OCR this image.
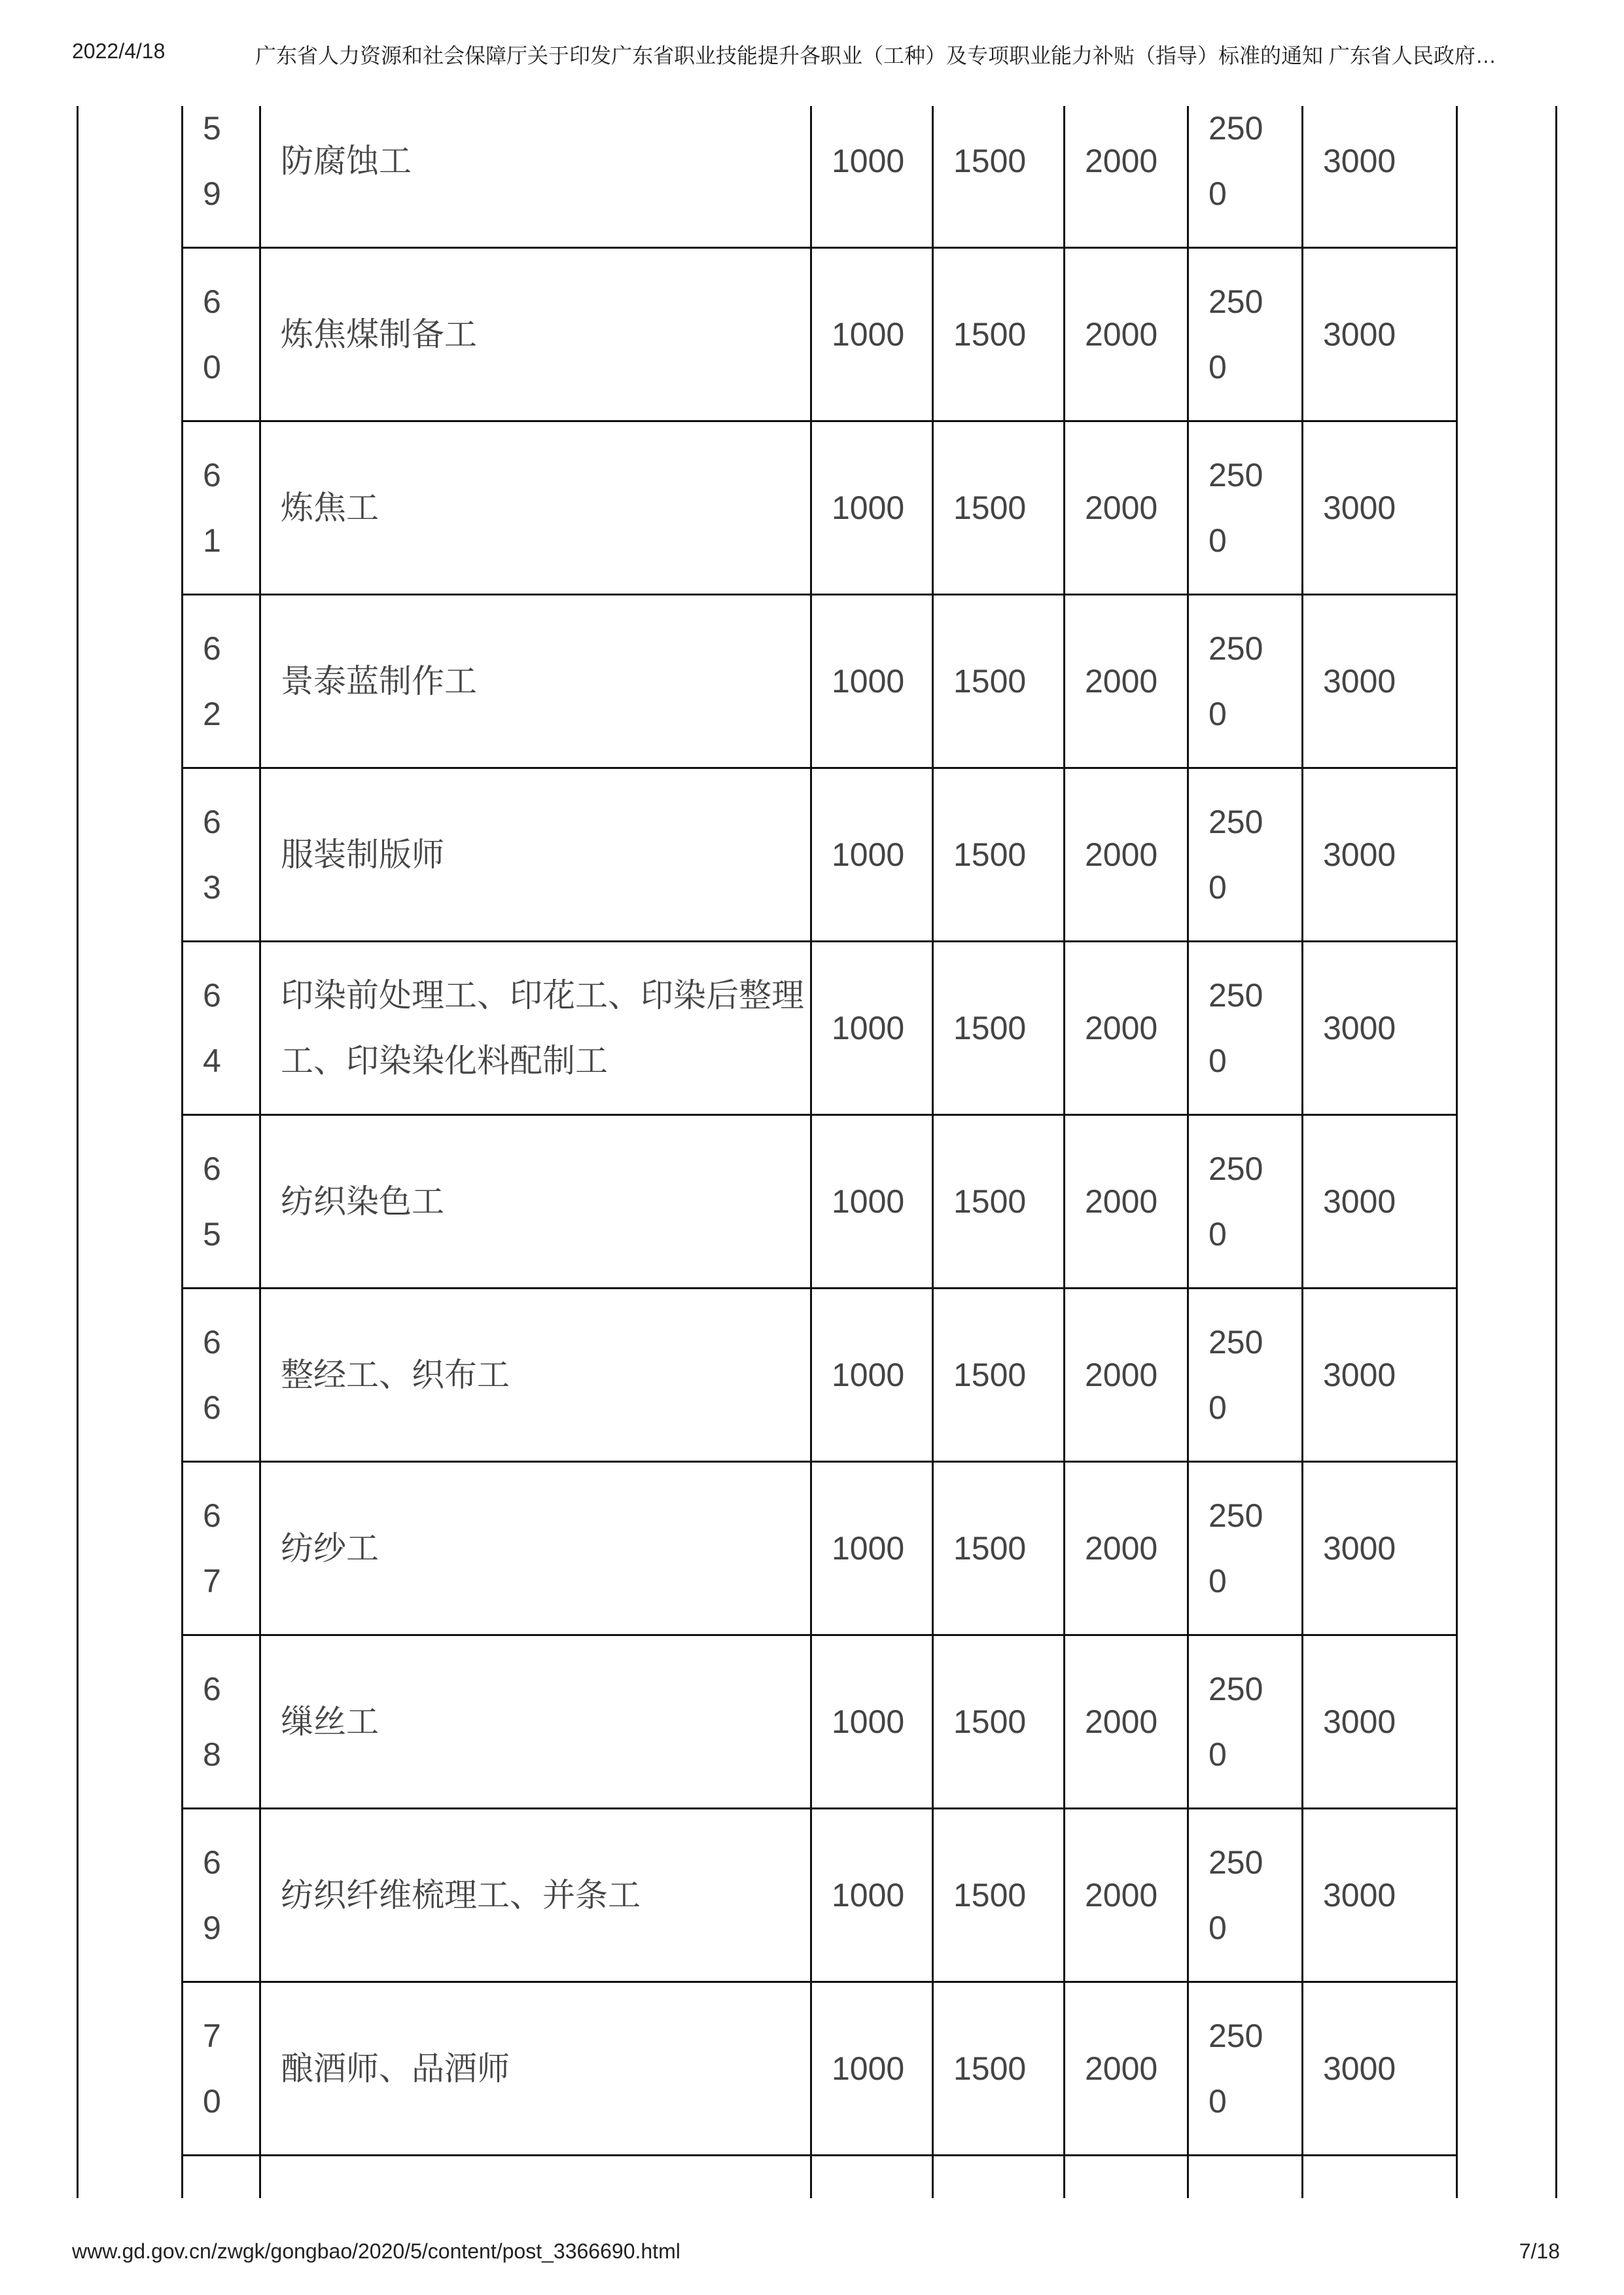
2022/4/18	广东省人力资源和社会保障厅关于印发广东省职业技能提升各职业（工种）及专项职业能力补贴（指导）标准的通知 广东省人民政府…
59	防腐蚀工	1000	1500	2000	2500	3000

60	炼焦煤制备工	1000	1500	2000	2500	3000

61	炼焦工	1000	1500	2000	2500	3000

62	景泰蓝制作工	1000	1500	2000	2500	3000

63	服装制版师	1000	1500	2000	2500	3000

64	印染前处理工、印花工、印染后整理工、印染染化料配制工	1000	1500	2000	2500	3000

65	纺织染色工	1000	1500	2000	2500	3000

66	整经工、织布工	1000	1500	2000	2500	3000

67	纺纱工	1000	1500	2000	2500	3000

68	缫丝工	1000	1500	2000	2500	3000

69	纺织纤维梳理工、并条工	1000	1500	2000	2500	3000

70	酿酒师、品酒师	1000	1500	2000	2500	3000

www.gd.gov.cn/zwgk/gongbao/2020/5/content/post_3366690.html	7/18
